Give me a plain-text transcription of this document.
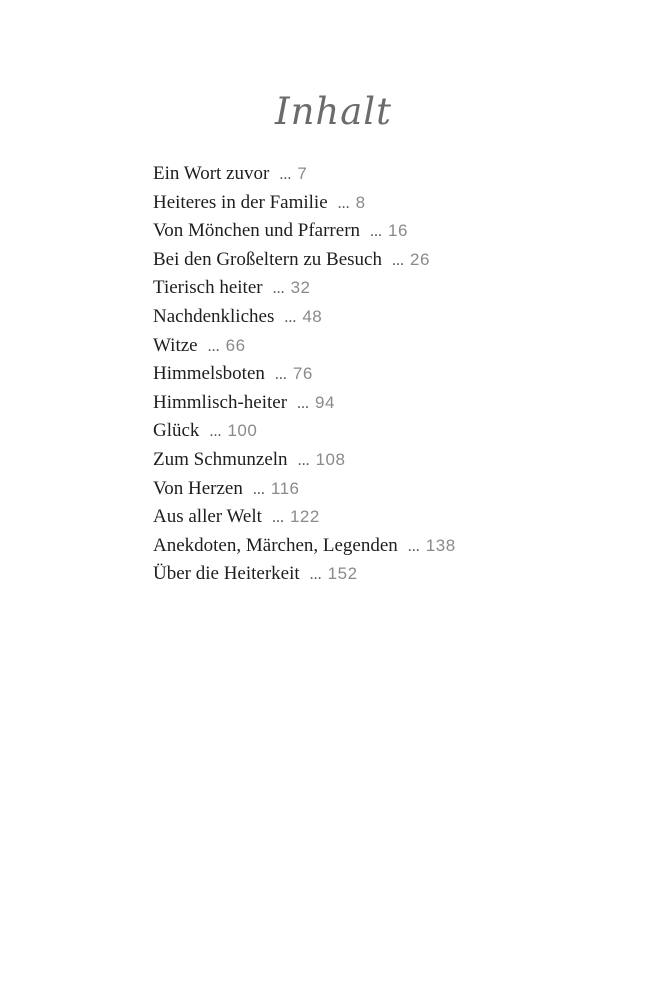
Inhalt
Ein Wort zuvor ... 7
Heiteres in der Familie ... 8
Von Mönchen und Pfarrern ... 16
Bei den Großeltern zu Besuch ... 26
Tierisch heiter ... 32
Nachdenkliches ... 48
Witze ... 66
Himmelsboten ... 76
Himmlisch-heiter ... 94
Glück ... 100
Zum Schmunzeln ... 108
Von Herzen ... 116
Aus aller Welt ... 122
Anekdoten, Märchen, Legenden ... 138
Über die Heiterkeit ... 152
